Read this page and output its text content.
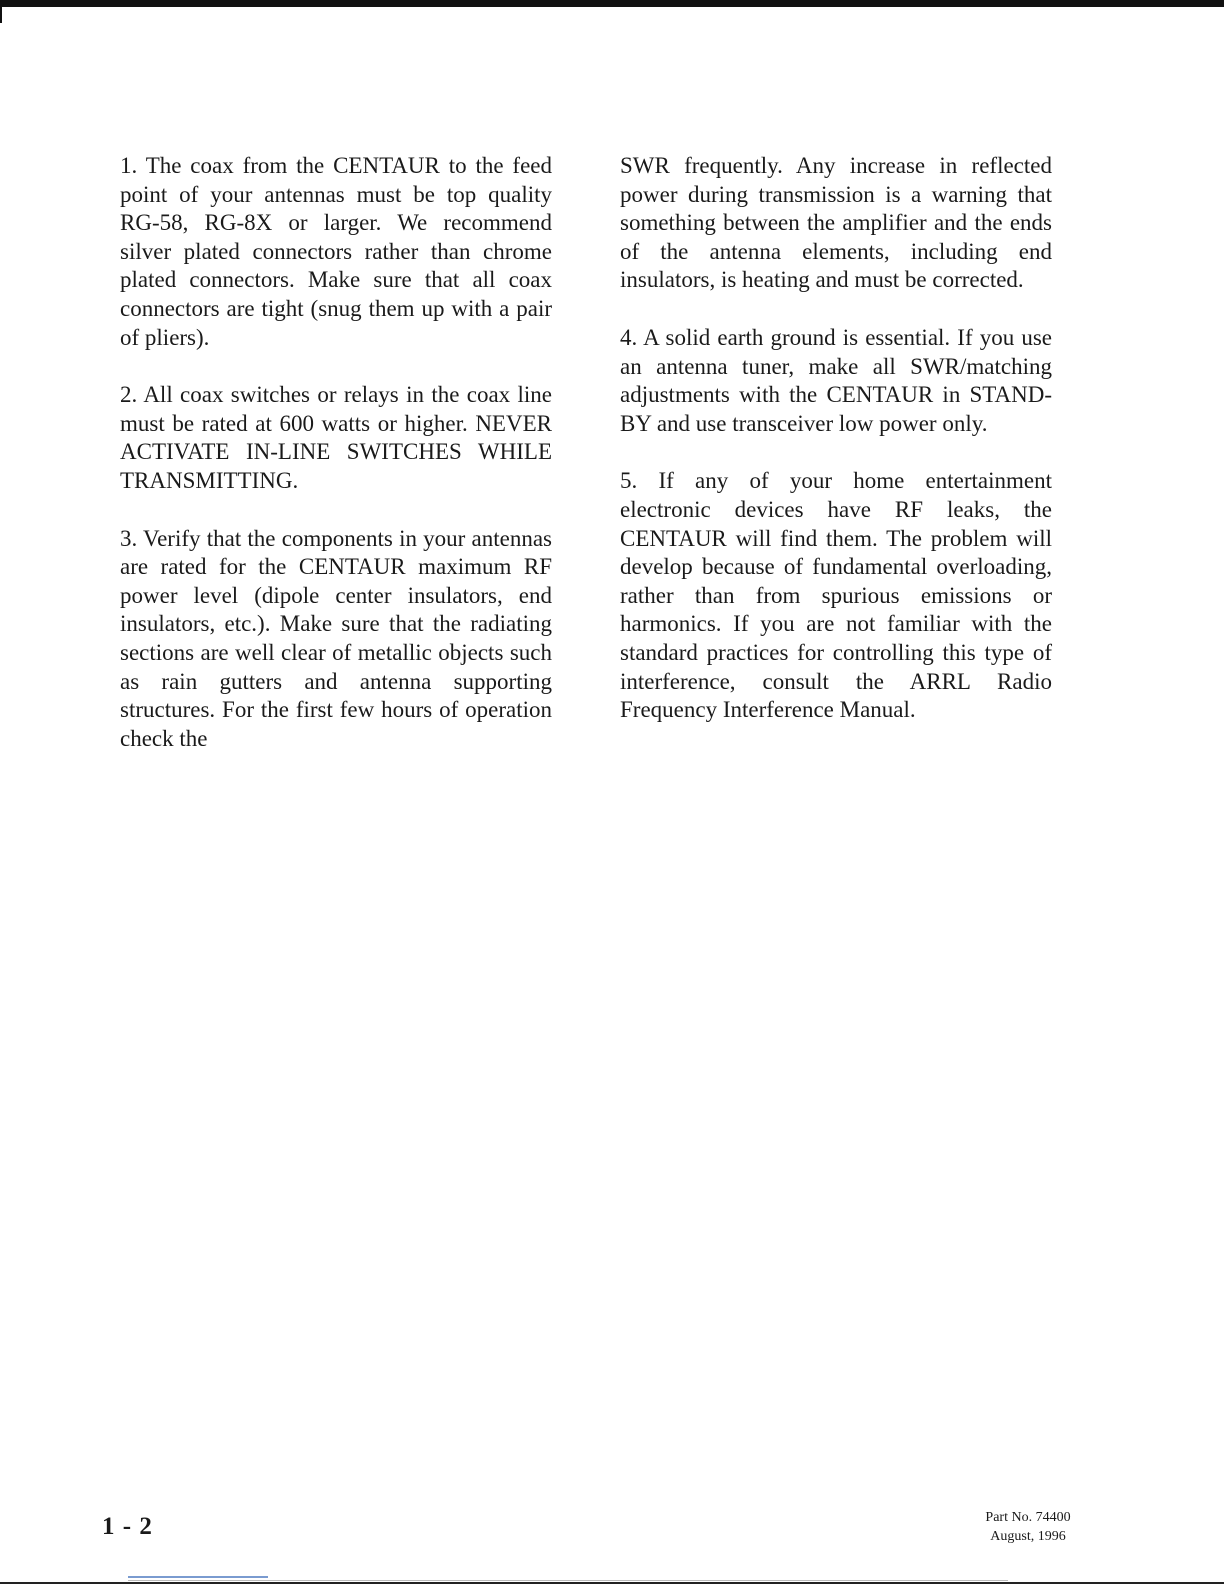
1. The coax from the CENTAUR to the feed point of your antennas must be top quality RG-58, RG-8X or larger. We recommend silver plated connectors rather than chrome plated connectors. Make sure that all coax connectors are tight (snug them up with a pair of pliers).

2. All coax switches or relays in the coax line must be rated at 600 watts or higher. NEVER ACTIVATE IN-LINE SWITCHES WHILE TRANSMITTING.

3. Verify that the components in your antennas are rated for the CENTAUR maximum RF power level (dipole center insulators, end insulators, etc.). Make sure that the radiating sections are well clear of metallic objects such as rain gutters and antenna supporting structures. For the first few hours of operation check the

SWR frequently. Any increase in reflected power during transmission is a warning that something between the amplifier and the ends of the antenna elements, including end insulators, is heating and must be corrected.

4. A solid earth ground is essential. If you use an antenna tuner, make all SWR/matching adjustments with the CENTAUR in STAND-BY and use transceiver low power only.

5. If any of your home entertainment electronic devices have RF leaks, the CENTAUR will find them. The problem will develop because of fundamental overloading, rather than from spurious emissions or harmonics. If you are not familiar with the standard practices for controlling this type of interference, consult the ARRL Radio Frequency Interference Manual.

1 - 2	Part No. 74400
August, 1996
